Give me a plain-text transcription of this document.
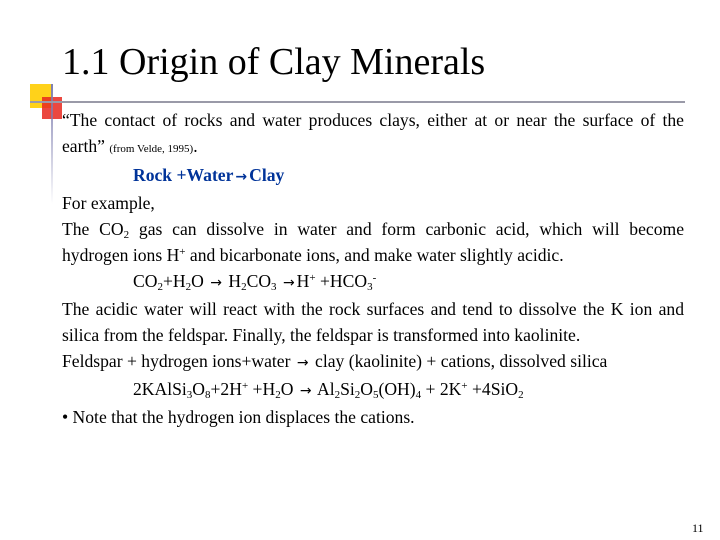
1.1 Origin of Clay Minerals

“The contact of rocks and water produces clays, either at or near the surface of the earth” (from Velde, 1995).

Rock +Water → Clay

For example,

The $CO_2$ gas can dissolve in water and form carbonic acid, which will become hydrogen ions H+ and bicarbonate ions, and make water slightly acidic.

$CO_2+H_2O \to H_2CO_3 \to H^+ +HCO_3^-$

The acidic water will react with the rock surfaces and tend to dissolve the K ion and silica from the feldspar. Finally, the feldspar is transformed into kaolinite.

Feldspar + hydrogen ions+water → clay (kaolinite) + cations, dissolved silica

$2KAlSi_3O_8+2H^+ +H_2O \to Al_2Si_2O_5(OH)_4 + 2K^+ +4SiO_2$

• Note that the hydrogen ion displaces the cations.

11
